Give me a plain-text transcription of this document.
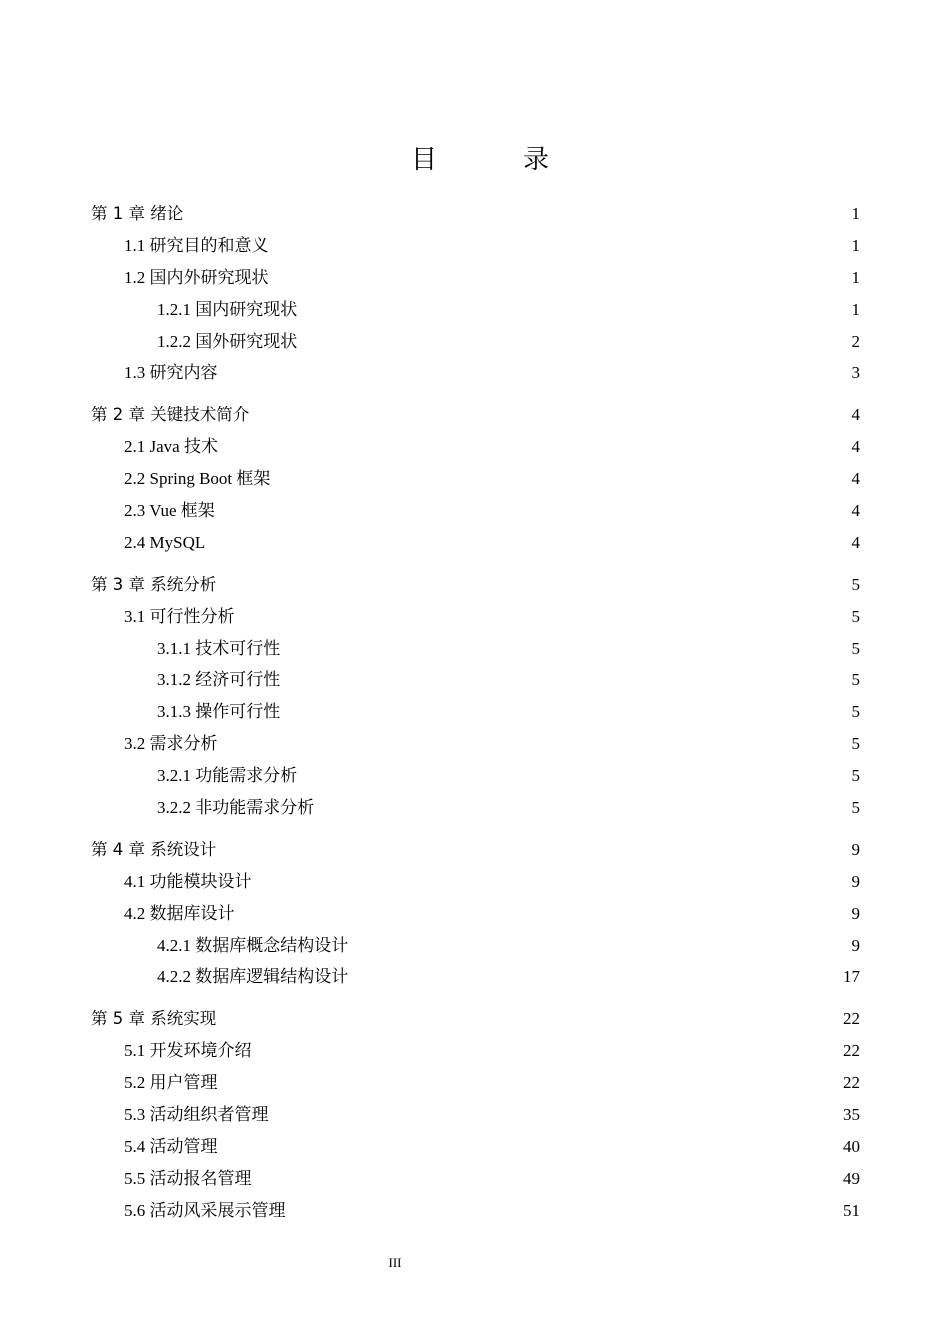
目　录
第 1 章 绪论	1
1.1 研究目的和意义	1
1.2 国内外研究现状	1
1.2.1 国内研究现状	1
1.2.2 国外研究现状	2
1.3 研究内容	3
第 2 章 关键技术简介	4
2.1 Java 技术	4
2.2 Spring Boot 框架	4
2.3 Vue 框架	4
2.4 MySQL	4
第 3 章 系统分析	5
3.1 可行性分析	5
3.1.1 技术可行性	5
3.1.2 经济可行性	5
3.1.3 操作可行性	5
3.2 需求分析	5
3.2.1 功能需求分析	5
3.2.2 非功能需求分析	5
第 4 章 系统设计	9
4.1 功能模块设计	9
4.2 数据库设计	9
4.2.1 数据库概念结构设计	9
4.2.2 数据库逻辑结构设计	17
第 5 章 系统实现	22
5.1 开发环境介绍	22
5.2 用户管理	22
5.3 活动组织者管理	35
5.4 活动管理	40
5.5 活动报名管理	49
5.6 活动风采展示管理	51
III
